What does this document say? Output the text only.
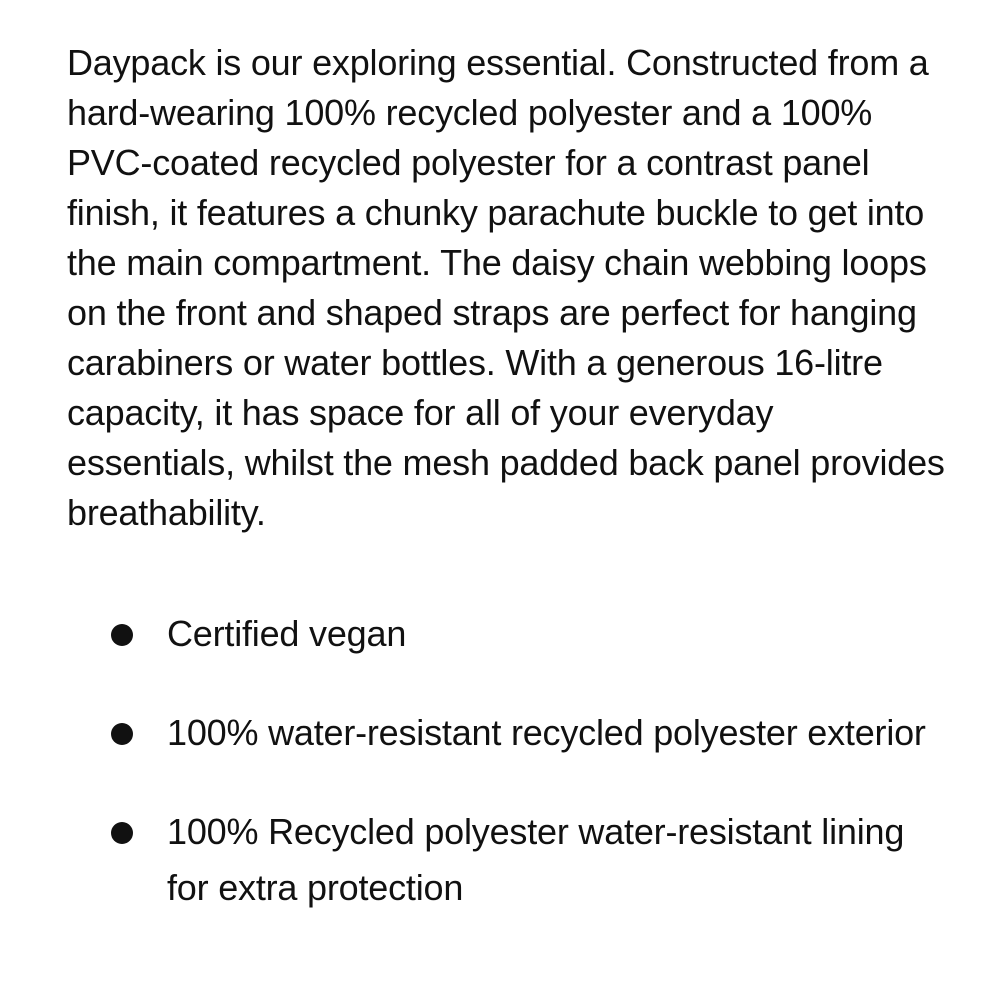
Daypack is our exploring essential. Constructed from a hard-wearing 100% recycled polyester and a 100% PVC-coated recycled polyester for a contrast panel finish, it features a chunky parachute buckle to get into the main compartment. The daisy chain webbing loops on the front and shaped straps are perfect for hanging carabiners or water bottles. With a generous 16-litre capacity, it has space for all of your everyday essentials, whilst the mesh padded back panel provides breathability.

Certified vegan
100% water-resistant recycled polyester exterior
100% Recycled polyester water-resistant lining for extra protection
